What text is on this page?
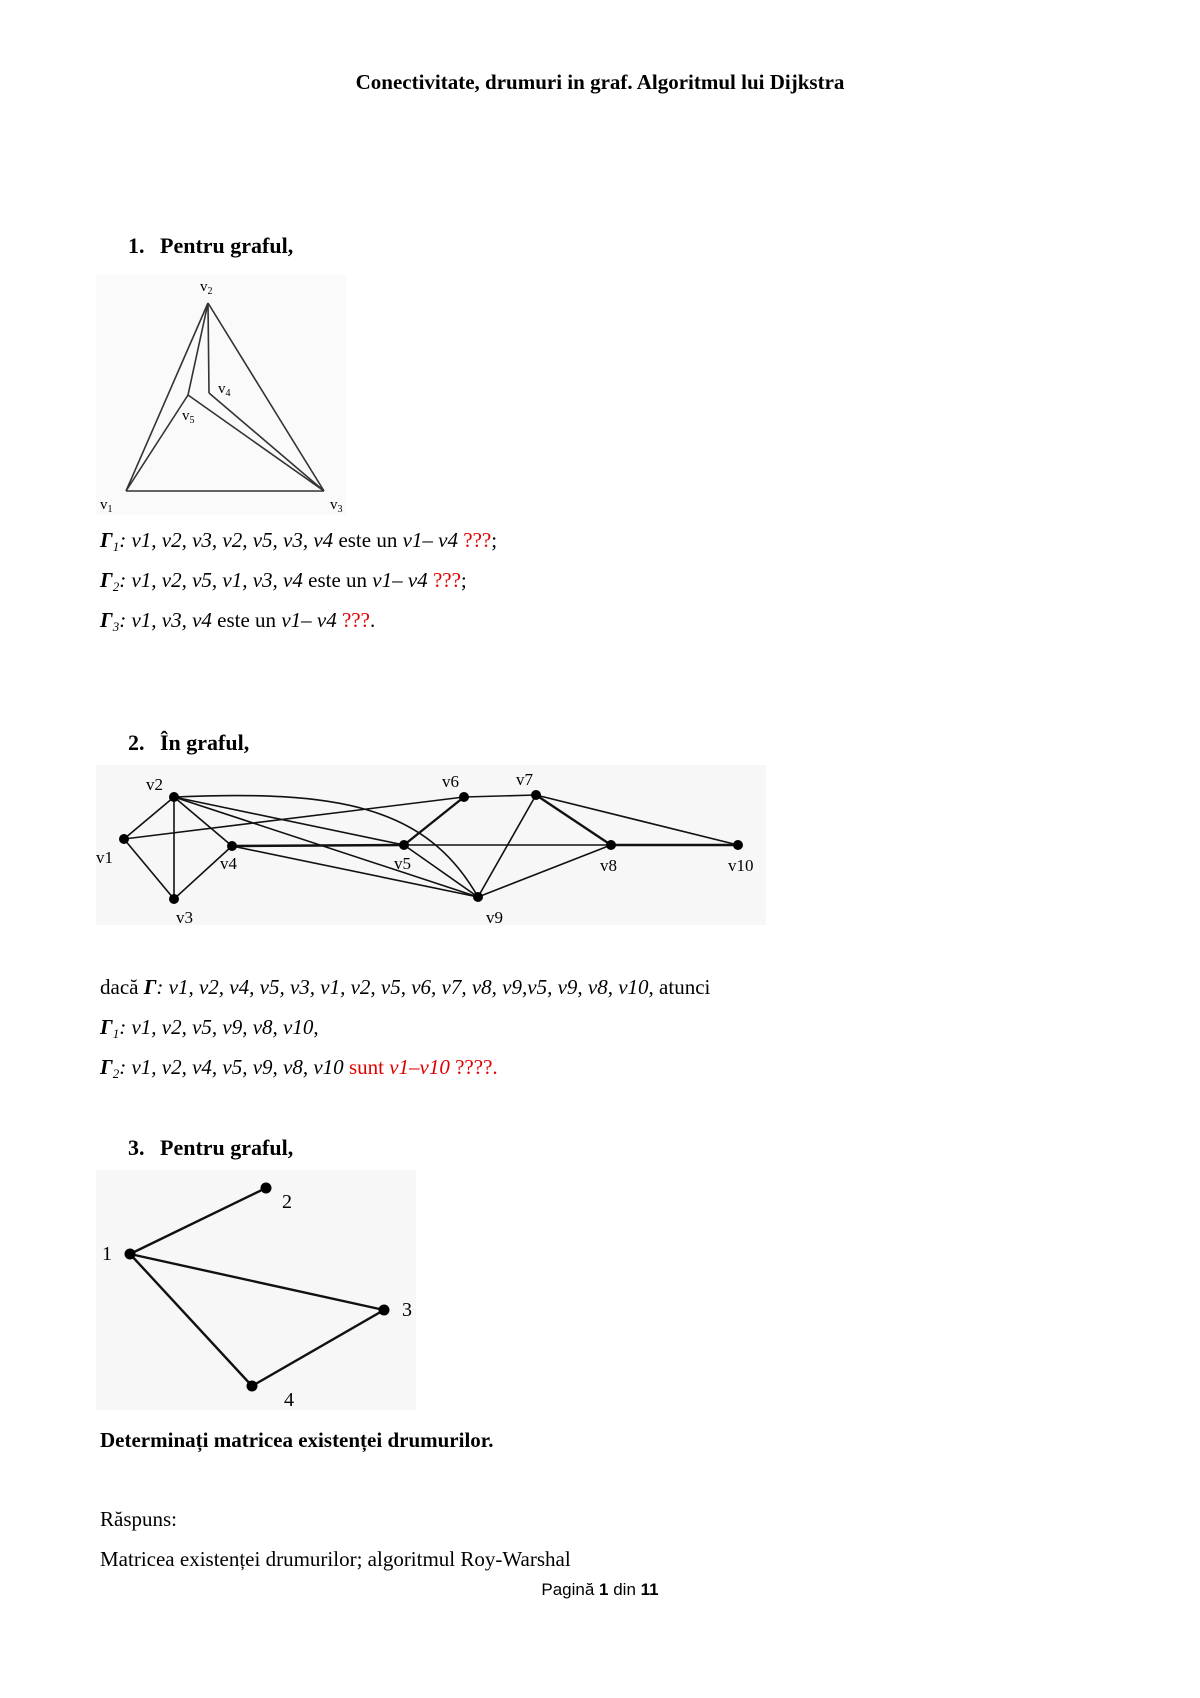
Conectivitate, drumuri in graf. Algoritmul lui Dijkstra
1. Pentru graful,
$v_2$
$v_4$
$v_5$
$v_1$	$v_3$
$\Gamma_1$: v1, v2, v3, v2, v5, v3, v4 este un v1– v4 ???;
$\Gamma_2$: v1, v2, v5, v1, v3, v4 este un v1– v4 ???;
$\Gamma_3$: v1, v3, v4 este un v1– v4 ???.
2. În graful,
v1
v2
v3
v4	v5
v6	v7
v8
v9
v10
dacă Γ: v1, v2, v4, v5, v3, v1, v2, v5, v6, v7, v8, v9,v5, v9, v8, v10, atunci
$\Gamma_1$: v1, v2, v5, v9, v8, v10,
$\Gamma_2$: v1, v2, v4, v5, v9, v8, v10 sunt v1–v10 ????.
3. Pentru graful,
1
2
3
4
Determinați matricea existenței drumurilor.
Răspuns:
Matricea existenței drumurilor; algoritmul Roy-Warshal
Pagină 1 din 11
